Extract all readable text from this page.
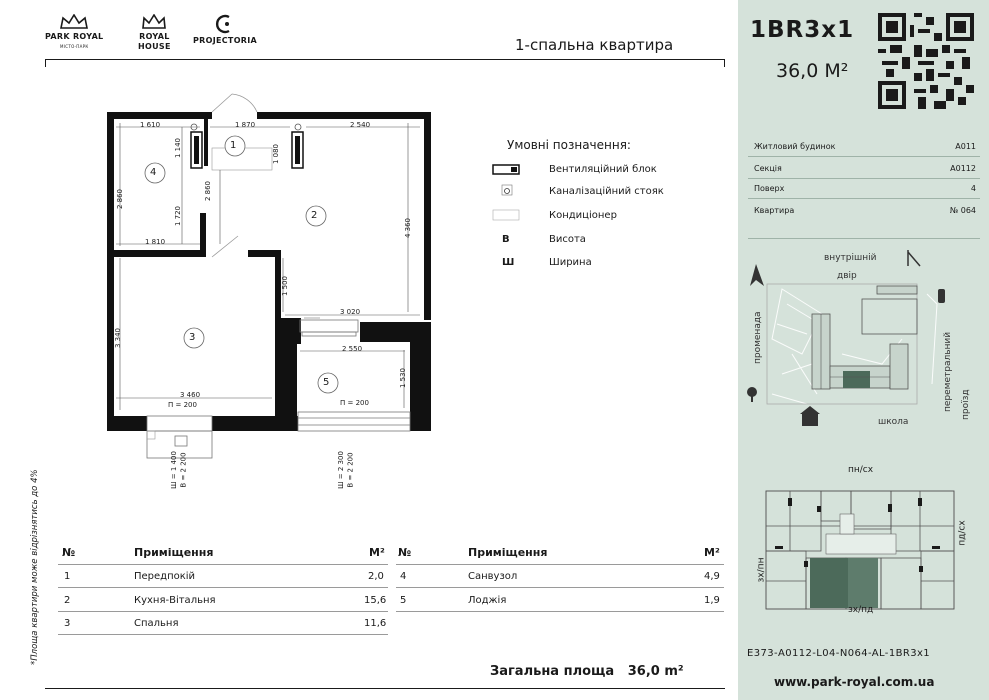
PARK ROYAL
МІСТО-ПАРК
ROYAL
HOUSE
PROJECTORIA	1-спальна квартира
1
2
3
4
5
1 610	1 870	2 540
1 810
3 020
2 550
3 460
П = 200	П = 200
2 860
1 140
1 720
2 860
1 080
4 360
1 500
3 340
1 530
Ш = 1 400 В = 2 200	Ш = 2 300 В = 2 200
Умовні позначення:
Вентиляційний блок
Каналізаційний стояк
Кондиціонер
В	Висота
Ш	Ширина
1BR3x1
36,0 М²
Житловий будинок	А011
Секція	А0112
Поверх	4
Квартира	№ 064
внутрішній
двір
школа
променада	переметральний проїзд
пн/сх
зх/пд
зх/пн
пд/сх
Е373-А0112-L04-N064-AL-1BR3x1
www.park-royal.com.ua
№	Приміщення	М² №	Приміщення	М²
1	Передпокій	2,0
2	Кухня-Вітальня	15,6
3	Спальня	11,6
4	Санвузол	4,9
5	Лоджія	1,9
Загальна площа   36,0 m²
*Площа квартири може відрізнятись до 4%
